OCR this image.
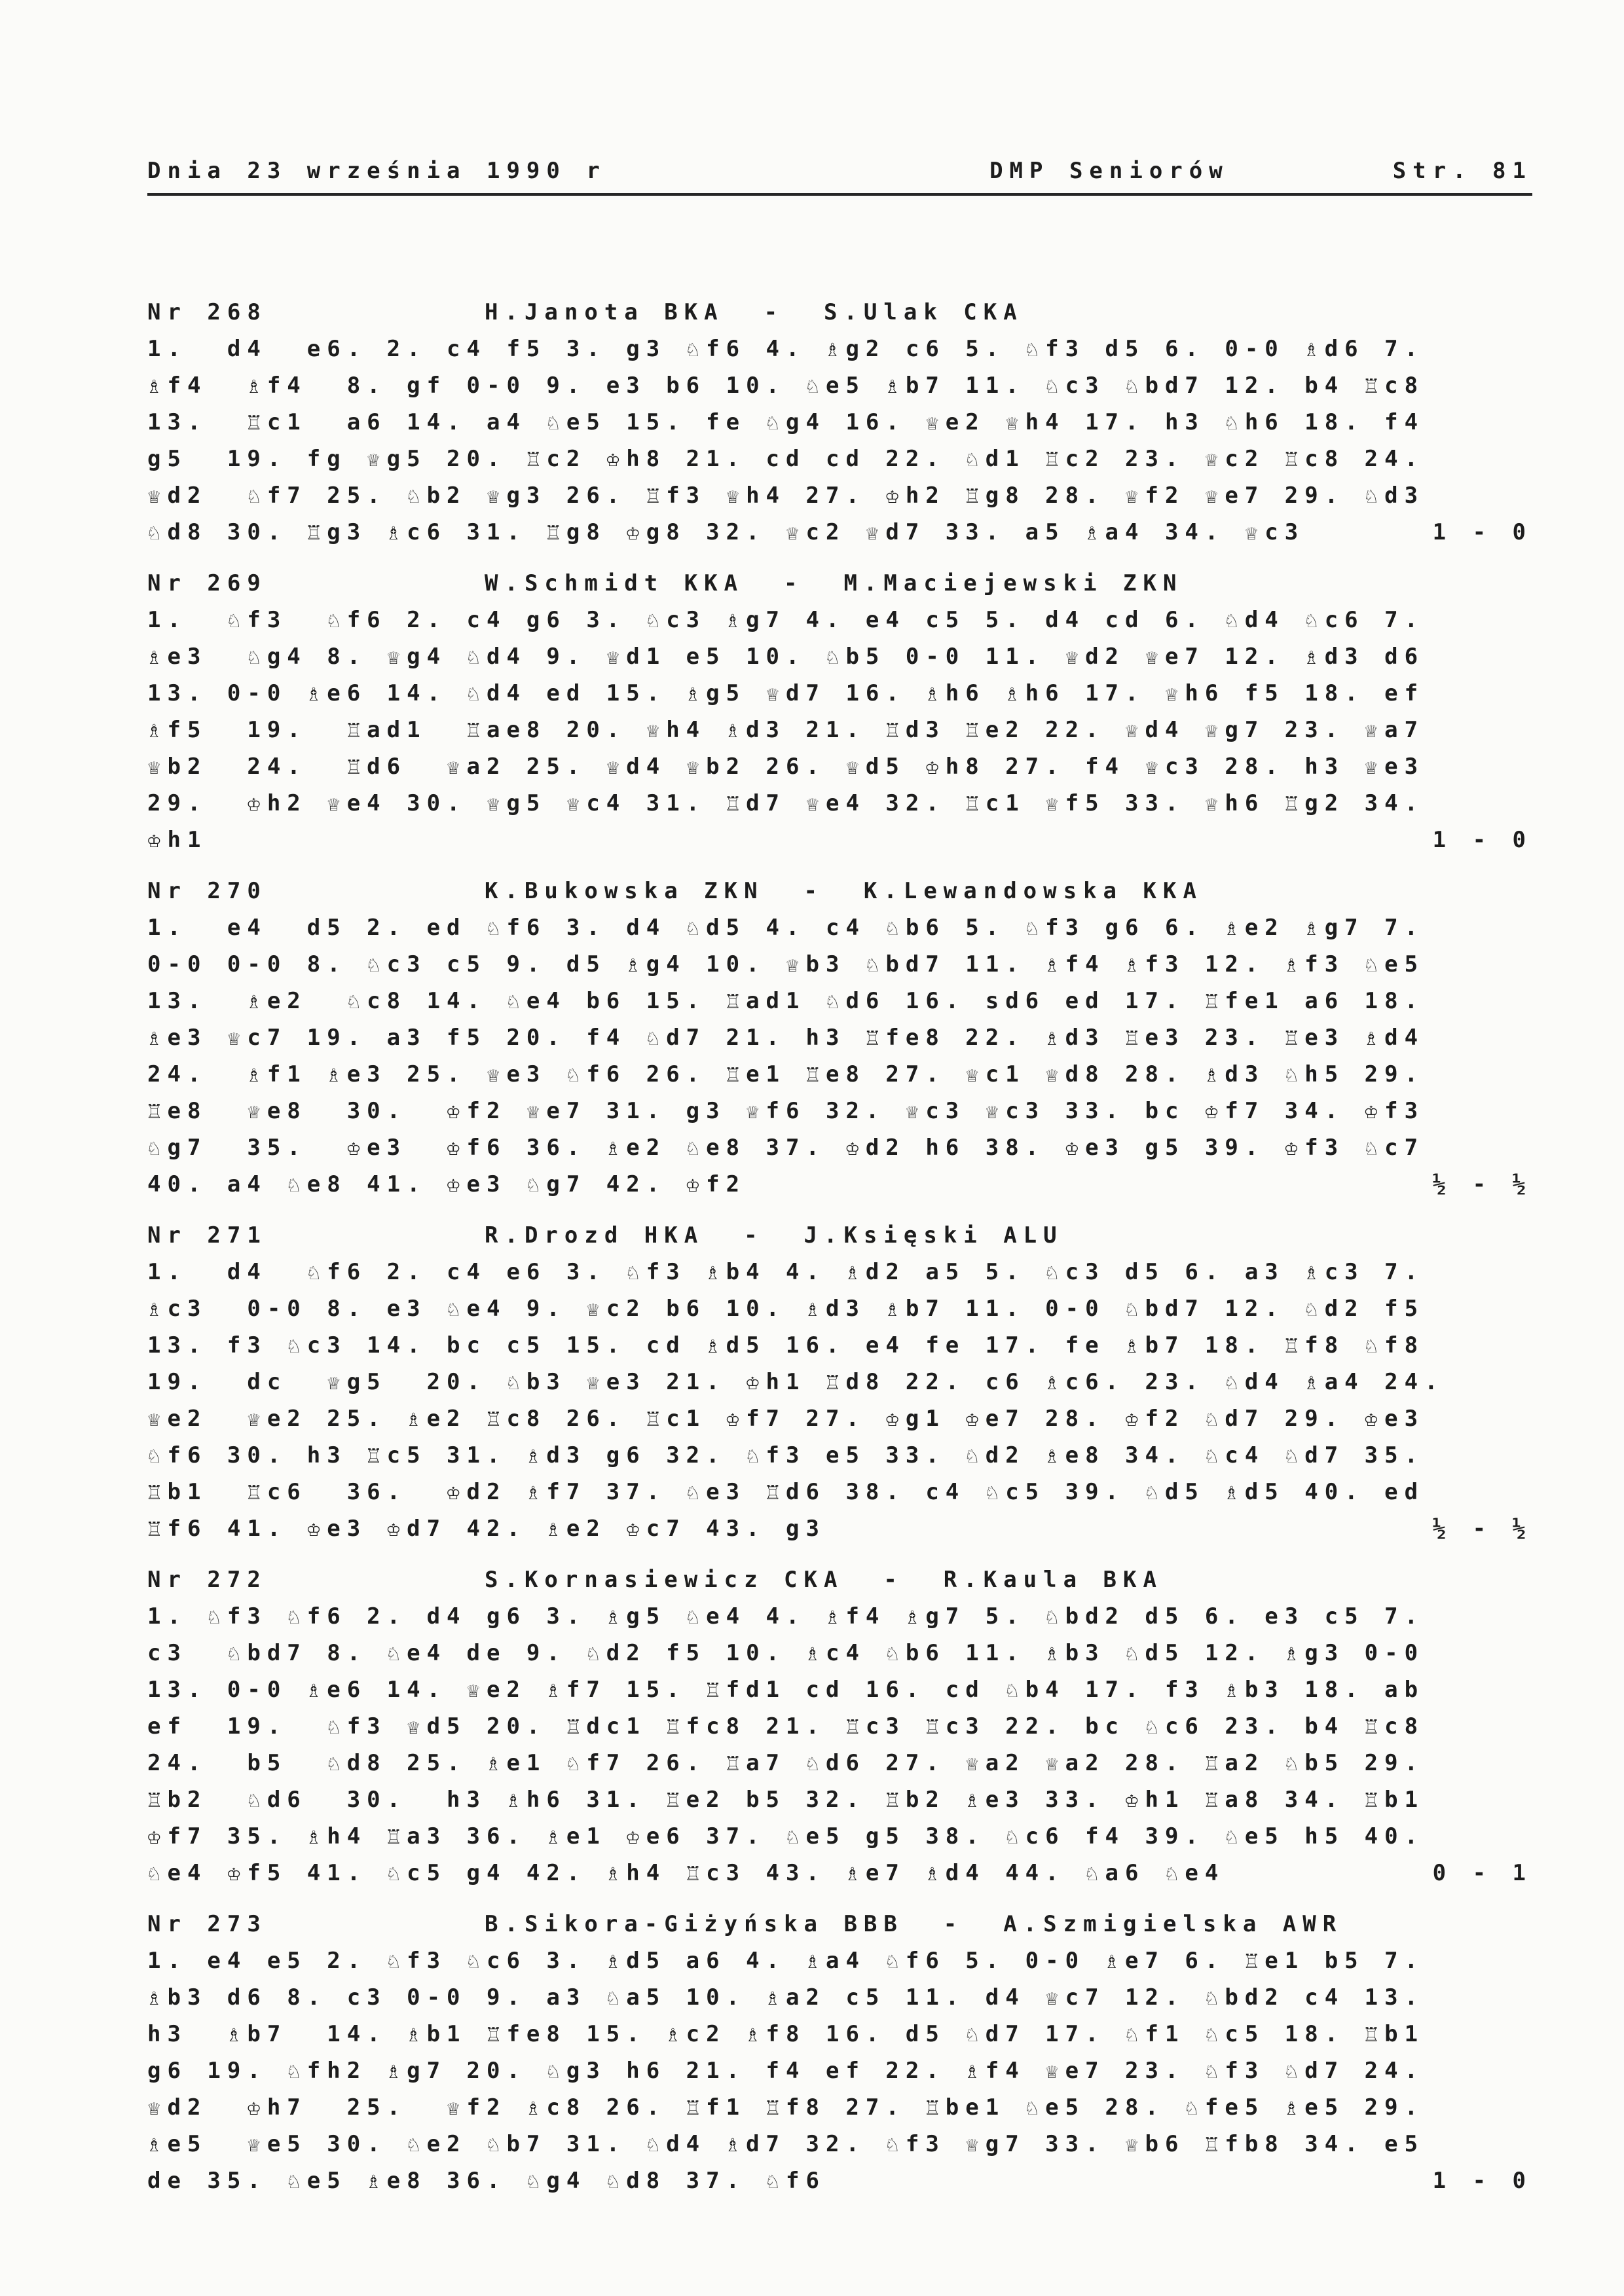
Dnia 23 września 1990 r	DMP Seniorów	Str. 81
Nr 268	H.Janota BKA  -  S.Ulak CKA
1.  d4  e6. 2. c4 f5 3. g3 ♘f6 4. ♗g2 c6 5. ♘f3 d5 6. 0-0 ♗d6 7.
♗f4  ♗f4  8. gf 0-0 9. e3 b6 10. ♘e5 ♗b7 11. ♘c3 ♘bd7 12. b4 ♖c8
13.  ♖c1  a6 14. a4 ♘e5 15. fe ♘g4 16. ♕e2 ♕h4 17. h3 ♘h6 18. f4
g5  19. fg ♕g5 20. ♖c2 ♔h8 21. cd cd 22. ♘d1 ♖c2 23. ♕c2 ♖c8 24.
♕d2  ♘f7 25. ♘b2 ♕g3 26. ♖f3 ♕h4 27. ♔h2 ♖g8 28. ♕f2 ♕e7 29. ♘d3
♘d8 30. ♖g3 ♗c6 31. ♖g8 ♔g8 32. ♕c2 ♕d7 33. a5 ♗a4 34. ♕c3	1 - 0
Nr 269	W.Schmidt KKA  -  M.Maciejewski ZKN
1.  ♘f3  ♘f6 2. c4 g6 3. ♘c3 ♗g7 4. e4 c5 5. d4 cd 6. ♘d4 ♘c6 7.
♗e3  ♘g4 8. ♕g4 ♘d4 9. ♕d1 e5 10. ♘b5 0-0 11. ♕d2 ♕e7 12. ♗d3 d6
13. 0-0 ♗e6 14. ♘d4 ed 15. ♗g5 ♕d7 16. ♗h6 ♗h6 17. ♕h6 f5 18. ef
♗f5  19.  ♖ad1  ♖ae8 20. ♕h4 ♗d3 21. ♖d3 ♖e2 22. ♕d4 ♕g7 23. ♕a7
♕b2  24.  ♖d6  ♕a2 25. ♕d4 ♕b2 26. ♕d5 ♔h8 27. f4 ♕c3 28. h3 ♕e3
29.  ♔h2 ♕e4 30. ♕g5 ♕c4 31. ♖d7 ♕e4 32. ♖c1 ♕f5 33. ♕h6 ♖g2 34.
♔h1	1 - 0
Nr 270	K.Bukowska ZKN  -  K.Lewandowska KKA
1.  e4  d5 2. ed ♘f6 3. d4 ♘d5 4. c4 ♘b6 5. ♘f3 g6 6. ♗e2 ♗g7 7.
0-0 0-0 8. ♘c3 c5 9. d5 ♗g4 10. ♕b3 ♘bd7 11. ♗f4 ♗f3 12. ♗f3 ♘e5
13.  ♗e2  ♘c8 14. ♘e4 b6 15. ♖ad1 ♘d6 16. sd6 ed 17. ♖fe1 a6 18.
♗e3 ♕c7 19. a3 f5 20. f4 ♘d7 21. h3 ♖fe8 22. ♗d3 ♖e3 23. ♖e3 ♗d4
24.  ♗f1 ♗e3 25. ♕e3 ♘f6 26. ♖e1 ♖e8 27. ♕c1 ♕d8 28. ♗d3 ♘h5 29.
♖e8  ♕e8  30.  ♔f2 ♕e7 31. g3 ♕f6 32. ♕c3 ♕c3 33. bc ♔f7 34. ♔f3
♘g7  35.  ♔e3  ♔f6 36. ♗e2 ♘e8 37. ♔d2 h6 38. ♔e3 g5 39. ♔f3 ♘c7
40. a4 ♘e8 41. ♔e3 ♘g7 42. ♔f2	½ - ½
Nr 271	R.Drozd HKA  -  J.Księski ALU
1.  d4  ♘f6 2. c4 e6 3. ♘f3 ♗b4 4. ♗d2 a5 5. ♘c3 d5 6. a3 ♗c3 7.
♗c3  0-0 8. e3 ♘e4 9. ♕c2 b6 10. ♗d3 ♗b7 11. 0-0 ♘bd7 12. ♘d2 f5
13. f3 ♘c3 14. bc c5 15. cd ♗d5 16. e4 fe 17. fe ♗b7 18. ♖f8 ♘f8
19.  dc  ♕g5  20. ♘b3 ♕e3 21. ♔h1 ♖d8 22. c6 ♗c6. 23. ♘d4 ♗a4 24.
♕e2  ♕e2 25. ♗e2 ♖c8 26. ♖c1 ♔f7 27. ♔g1 ♔e7 28. ♔f2 ♘d7 29. ♔e3
♘f6 30. h3 ♖c5 31. ♗d3 g6 32. ♘f3 e5 33. ♘d2 ♗e8 34. ♘c4 ♘d7 35.
♖b1  ♖c6  36.  ♔d2 ♗f7 37. ♘e3 ♖d6 38. c4 ♘c5 39. ♘d5 ♗d5 40. ed
♖f6 41. ♔e3 ♔d7 42. ♗e2 ♔c7 43. g3	½ - ½
Nr 272	S.Kornasiewicz CKA  -  R.Kaula BKA
1. ♘f3 ♘f6 2. d4 g6 3. ♗g5 ♘e4 4. ♗f4 ♗g7 5. ♘bd2 d5 6. e3 c5 7.
c3  ♘bd7 8. ♘e4 de 9. ♘d2 f5 10. ♗c4 ♘b6 11. ♗b3 ♘d5 12. ♗g3 0-0
13. 0-0 ♗e6 14. ♕e2 ♗f7 15. ♖fd1 cd 16. cd ♘b4 17. f3 ♗b3 18. ab
ef  19.  ♘f3 ♕d5 20. ♖dc1 ♖fc8 21. ♖c3 ♖c3 22. bc ♘c6 23. b4 ♖c8
24.  b5  ♘d8 25. ♗e1 ♘f7 26. ♖a7 ♘d6 27. ♕a2 ♕a2 28. ♖a2 ♘b5 29.
♖b2  ♘d6  30.  h3 ♗h6 31. ♖e2 b5 32. ♖b2 ♗e3 33. ♔h1 ♖a8 34. ♖b1
♔f7 35. ♗h4 ♖a3 36. ♗e1 ♔e6 37. ♘e5 g5 38. ♘c6 f4 39. ♘e5 h5 40.
♘e4 ♔f5 41. ♘c5 g4 42. ♗h4 ♖c3 43. ♗e7 ♗d4 44. ♘a6 ♘e4	0 - 1
Nr 273	B.Sikora-Giżyńska BBB  -  A.Szmigielska AWR
1. e4 e5 2. ♘f3 ♘c6 3. ♗d5 a6 4. ♗a4 ♘f6 5. 0-0 ♗e7 6. ♖e1 b5 7.
♗b3 d6 8. c3 0-0 9. a3 ♘a5 10. ♗a2 c5 11. d4 ♕c7 12. ♘bd2 c4 13.
h3  ♗b7  14. ♗b1 ♖fe8 15. ♗c2 ♗f8 16. d5 ♘d7 17. ♘f1 ♘c5 18. ♖b1
g6 19. ♘fh2 ♗g7 20. ♘g3 h6 21. f4 ef 22. ♗f4 ♕e7 23. ♘f3 ♘d7 24.
♕d2  ♔h7  25.  ♕f2 ♗c8 26. ♖f1 ♖f8 27. ♖be1 ♘e5 28. ♘fe5 ♗e5 29.
♗e5  ♕e5 30. ♘e2 ♘b7 31. ♘d4 ♗d7 32. ♘f3 ♕g7 33. ♕b6 ♖fb8 34. e5
de 35. ♘e5 ♗e8 36. ♘g4 ♘d8 37. ♘f6	1 - 0
